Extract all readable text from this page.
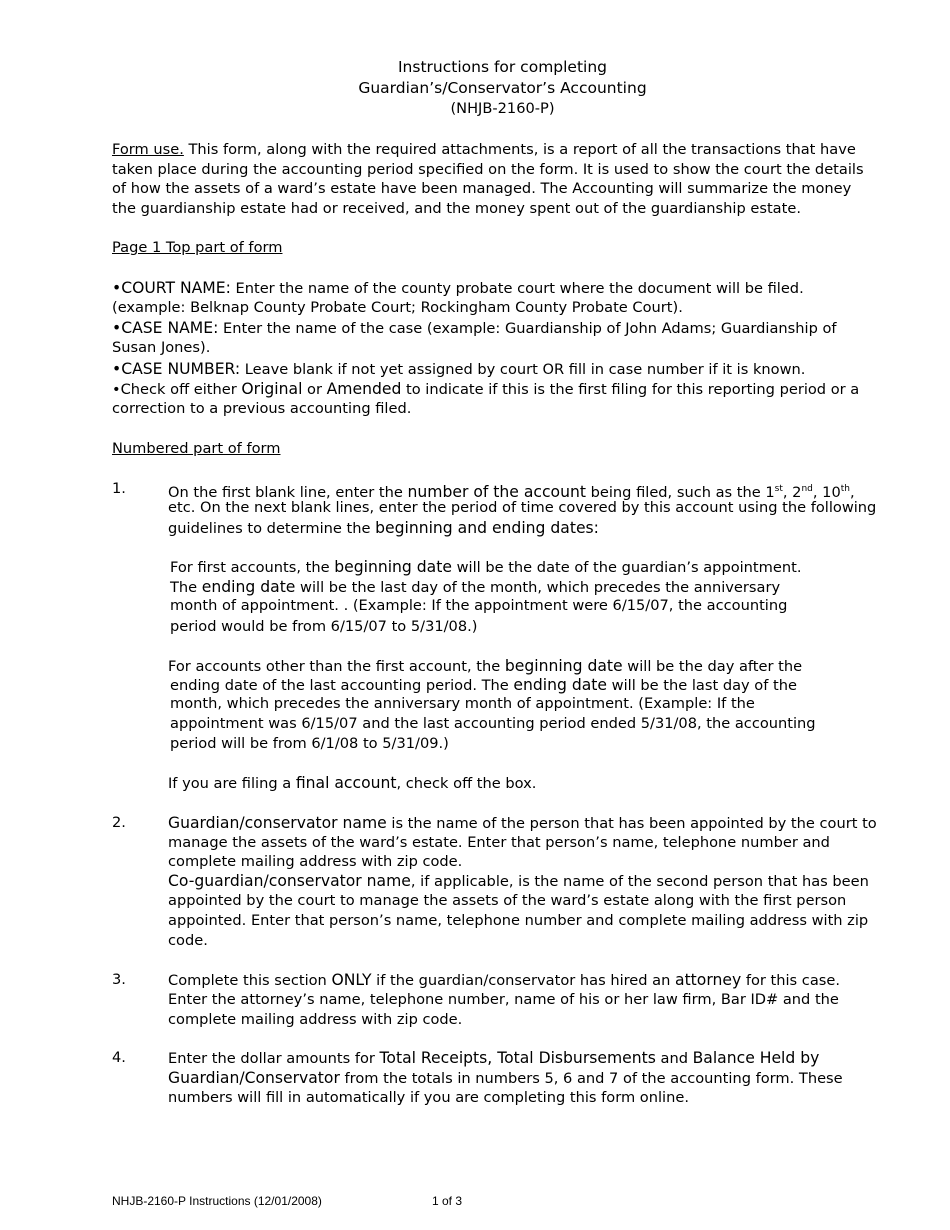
Instructions for completing
Guardian’s/Conservator’s Accounting
(NHJB-2160-P)
Form use. This form, along with the required attachments, is a report of all the transactions that have
taken place during the accounting period specified on the form. It is used to show the court the details
of how the assets of a ward’s estate have been managed. The Accounting will summarize the money
the guardianship estate had or received, and the money spent out of the guardianship estate.
Page 1 Top part of form
•COURT NAME: Enter the name of the county probate court where the document will be filed.
(example: Belknap County Probate Court; Rockingham County Probate Court).
•CASE NAME: Enter the name of the case (example: Guardianship of John Adams; Guardianship of
Susan Jones).
•CASE NUMBER: Leave blank if not yet assigned by court OR fill in case number if it is known.
•Check off either Original or Amended to indicate if this is the first filing for this reporting period or a
correction to a previous accounting filed.
Numbered part of form
1.	On the first blank line, enter the number of the account being filed, such as the 1st, 2nd, 10th,
etc. On the next blank lines, enter the period of time covered by this account using the following
guidelines to determine the beginning and ending dates:
For first accounts, the beginning date will be the date of the guardian’s appointment.
The ending date will be the last day of the month, which precedes the anniversary
month of appointment. . (Example: If the appointment were 6/15/07, the accounting
period would be from 6/15/07 to 5/31/08.)
For accounts other than the first account, the beginning date will be the day after the
ending date of the last accounting period. The ending date will be the last day of the
month, which precedes the anniversary month of appointment. (Example: If the
appointment was 6/15/07 and the last accounting period ended 5/31/08, the accounting
period will be from 6/1/08 to 5/31/09.)
If you are filing a final account, check off the box.
2.	Guardian/conservator name is the name of the person that has been appointed by the court to
manage the assets of the ward’s estate. Enter that person’s name, telephone number and
complete mailing address with zip code.
Co-guardian/conservator name, if applicable, is the name of the second person that has been
appointed by the court to manage the assets of the ward’s estate along with the first person
appointed. Enter that person’s name, telephone number and complete mailing address with zip
code.
3.	Complete this section ONLY if the guardian/conservator has hired an attorney for this case.
Enter the attorney’s name, telephone number, name of his or her law firm, Bar ID# and the
complete mailing address with zip code.
4.	Enter the dollar amounts for Total Receipts, Total Disbursements and Balance Held by
Guardian/Conservator from the totals in numbers 5, 6 and 7 of the accounting form. These
numbers will fill in automatically if you are completing this form online.
NHJB-2160-P Instructions (12/01/2008)	1 of 3
